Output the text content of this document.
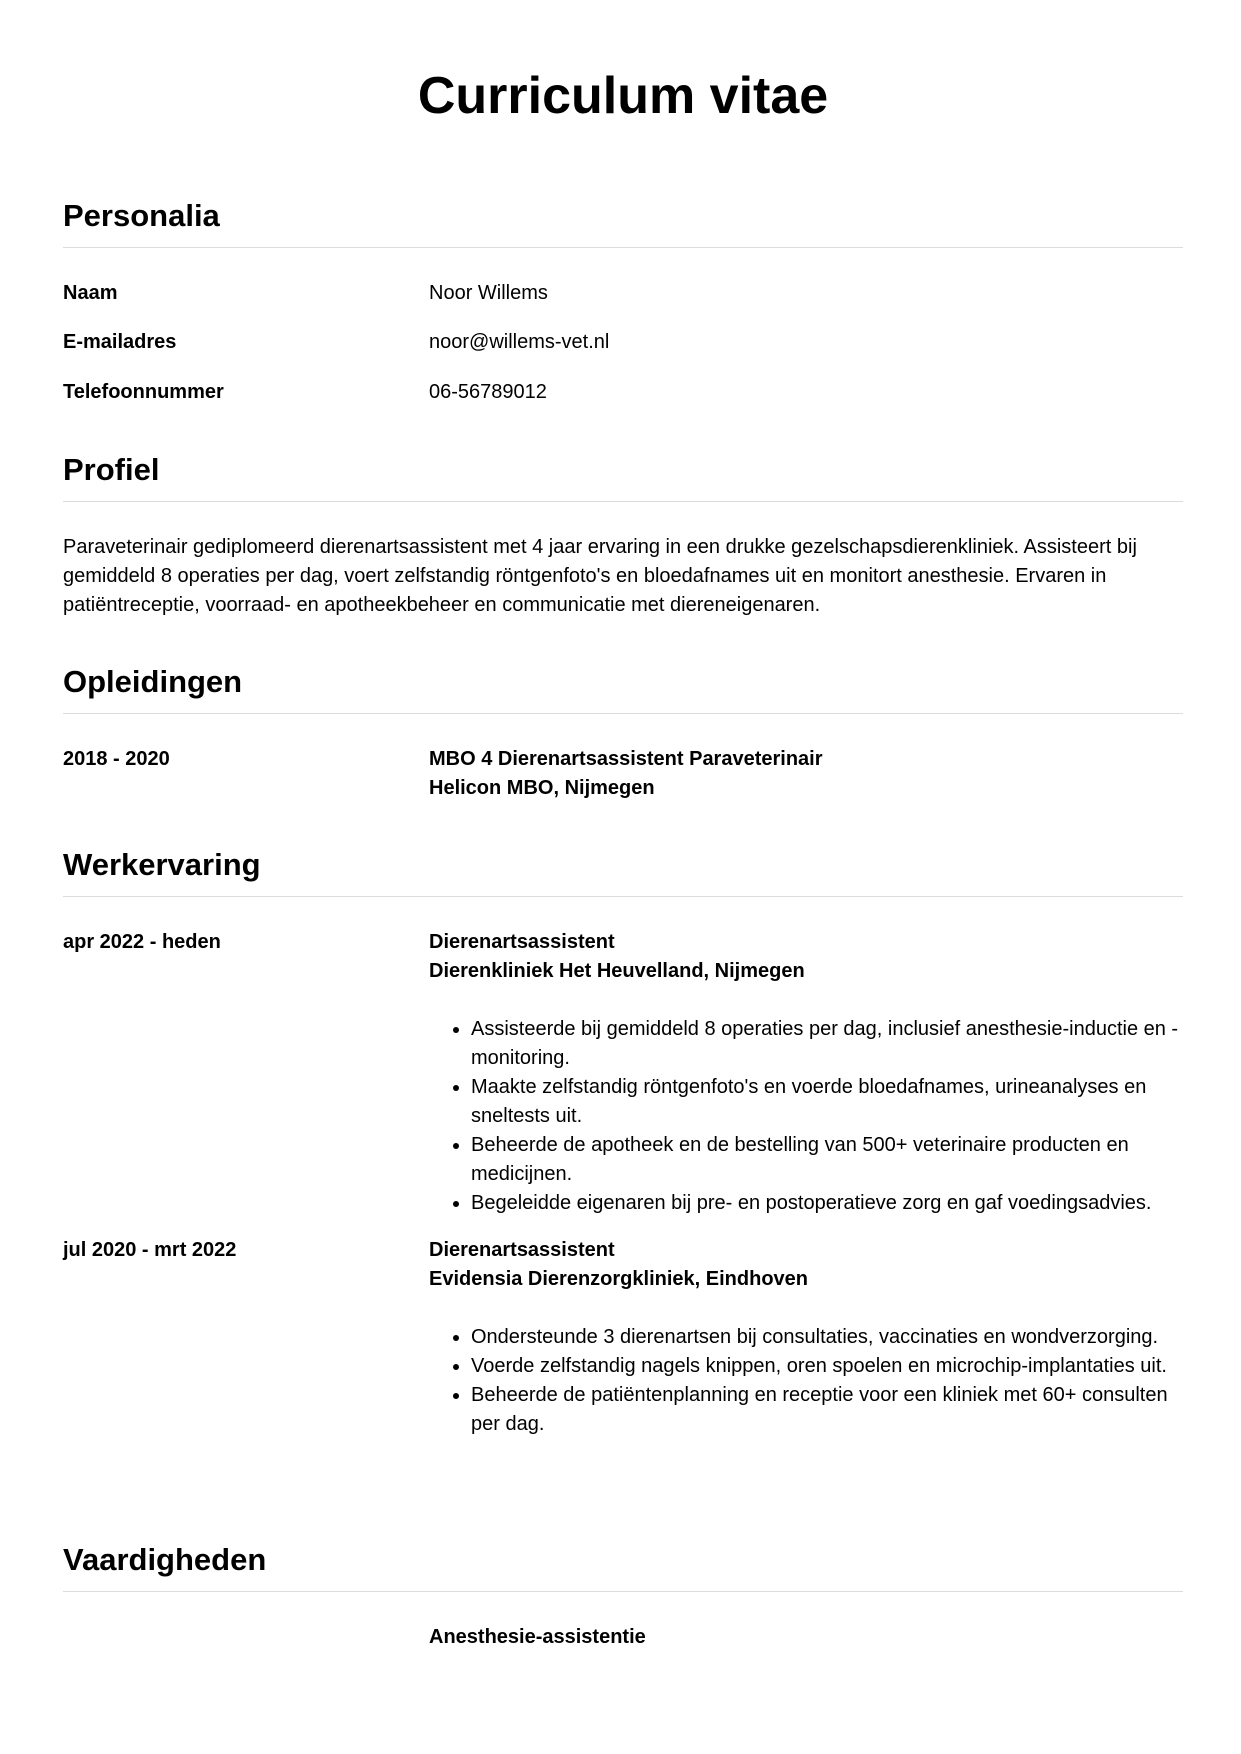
Curriculum vitae
Personalia
Naam	Noor Willems
E-mailadres	noor@willems-vet.nl
Telefoonnummer	06-56789012
Profiel

Paraveterinair gediplomeerd dierenartsassistent met 4 jaar ervaring in een drukke gezelschapsdierenkliniek. Assisteert bij gemiddeld 8 operaties per dag, voert zelfstandig röntgenfoto's en bloedafnames uit en monitort anesthesie. Ervaren in patiëntreceptie, voorraad- en apotheekbeheer en communicatie met diereneigenaren.

Opleidingen
2018 - 2020	MBO 4 Dierenartsassistent Paraveterinair
Helicon MBO, Nijmegen
Werkervaring
apr 2022 - heden	Dierenartsassistent
Dierenkliniek Het Heuvelland, Nijmegen
• Assisteerde bij gemiddeld 8 operaties per dag, inclusief anesthesie-inductie en -monitoring.
• Maakte zelfstandig röntgenfoto's en voerde bloedafnames, urineanalyses en sneltests uit.
• Beheerde de apotheek en de bestelling van 500+ veterinaire producten en medicijnen.
• Begeleidde eigenaren bij pre- en postoperatieve zorg en gaf voedingsadvies.
jul 2020 - mrt 2022	Dierenartsassistent
Evidensia Dierenzorgkliniek, Eindhoven
• Ondersteunde 3 dierenartsen bij consultaties, vaccinaties en wondverzorging.
• Voerde zelfstandig nagels knippen, oren spoelen en microchip-implantaties uit.
• Beheerde de patiëntenplanning en receptie voor een kliniek met 60+ consulten per dag.
Vaardigheden
Anesthesie-assistentie
